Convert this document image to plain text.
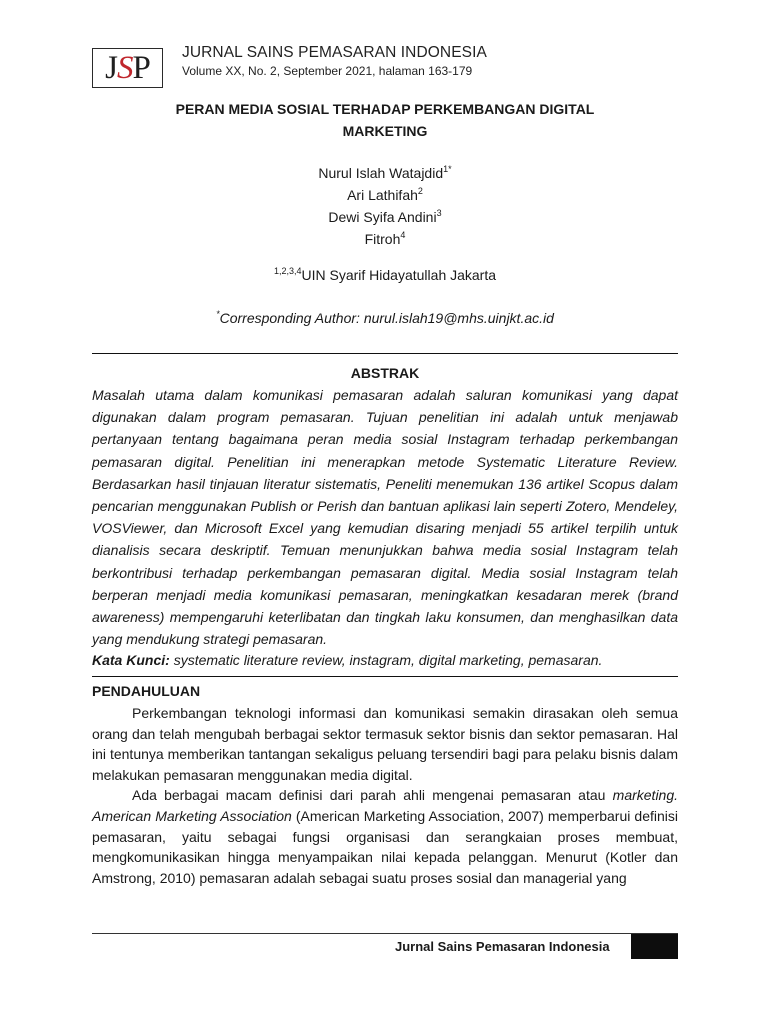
J S P JURNAL SAINS PEMASARAN INDONESIA
Volume XX, No. 2, September 2021, halaman 163-179
PERAN MEDIA SOSIAL TERHADAP PERKEMBANGAN DIGITAL
MARKETING
Nurul Islah Watajdid$^{1*}$
Ari Lathifah$^2$
Dewi Syifa Andini$^3$
Fitroh$^4$
$^{1,2,3,4}$UIN Syarif Hidayatullah Jakarta
*Corresponding Author: nurul.islah19@mhs.uinjkt.ac.id
ABSTRAK

Masalah utama dalam komunikasi pemasaran adalah saluran komunikasi yang dapat digunakan dalam program pemasaran. Tujuan penelitian ini adalah untuk menjawab pertanyaan tentang bagaimana peran media sosial Instagram terhadap perkembangan pemasaran digital. Penelitian ini menerapkan metode Systematic Literature Review. Berdasarkan hasil tinjauan literatur sistematis, Peneliti menemukan 136 artikel Scopus dalam pencarian menggunakan Publish or Perish dan bantuan aplikasi lain seperti Zotero, Mendeley, VOSViewer, dan Microsoft Excel yang kemudian disaring menjadi 55 artikel terpilih untuk dianalisis secara deskriptif. Temuan menunjukkan bahwa media sosial Instagram telah berkontribusi terhadap perkembangan pemasaran digital. Media sosial Instagram telah berperan menjadi media komunikasi pemasaran, meningkatkan kesadaran merek (brand awareness) mempengaruhi keterlibatan dan tingkah laku konsumen, dan menghasilkan data yang mendukung strategi pemasaran.

Kata Kunci: systematic literature review, instagram, digital marketing, pemasaran.
PENDAHULUAN

Perkembangan teknologi informasi dan komunikasi semakin dirasakan oleh semua orang dan telah mengubah berbagai sektor termasuk sektor bisnis dan sektor pemasaran. Hal ini tentunya memberikan tantangan sekaligus peluang tersendiri bagi para pelaku bisnis dalam melakukan pemasaran menggunakan media digital.

Ada berbagai macam definisi dari parah ahli mengenai pemasaran atau marketing. American Marketing Association (American Marketing Association, 2007) memperbarui definisi pemasaran, yaitu sebagai fungsi organisasi dan serangkaian proses membuat, mengkomunikasikan hingga menyampaikan nilai kepada pelanggan. Menurut (Kotler dan Amstrong, 2010) pemasaran adalah sebagai suatu proses sosial dan managerial yang

Jurnal Sains Pemasaran Indonesia
